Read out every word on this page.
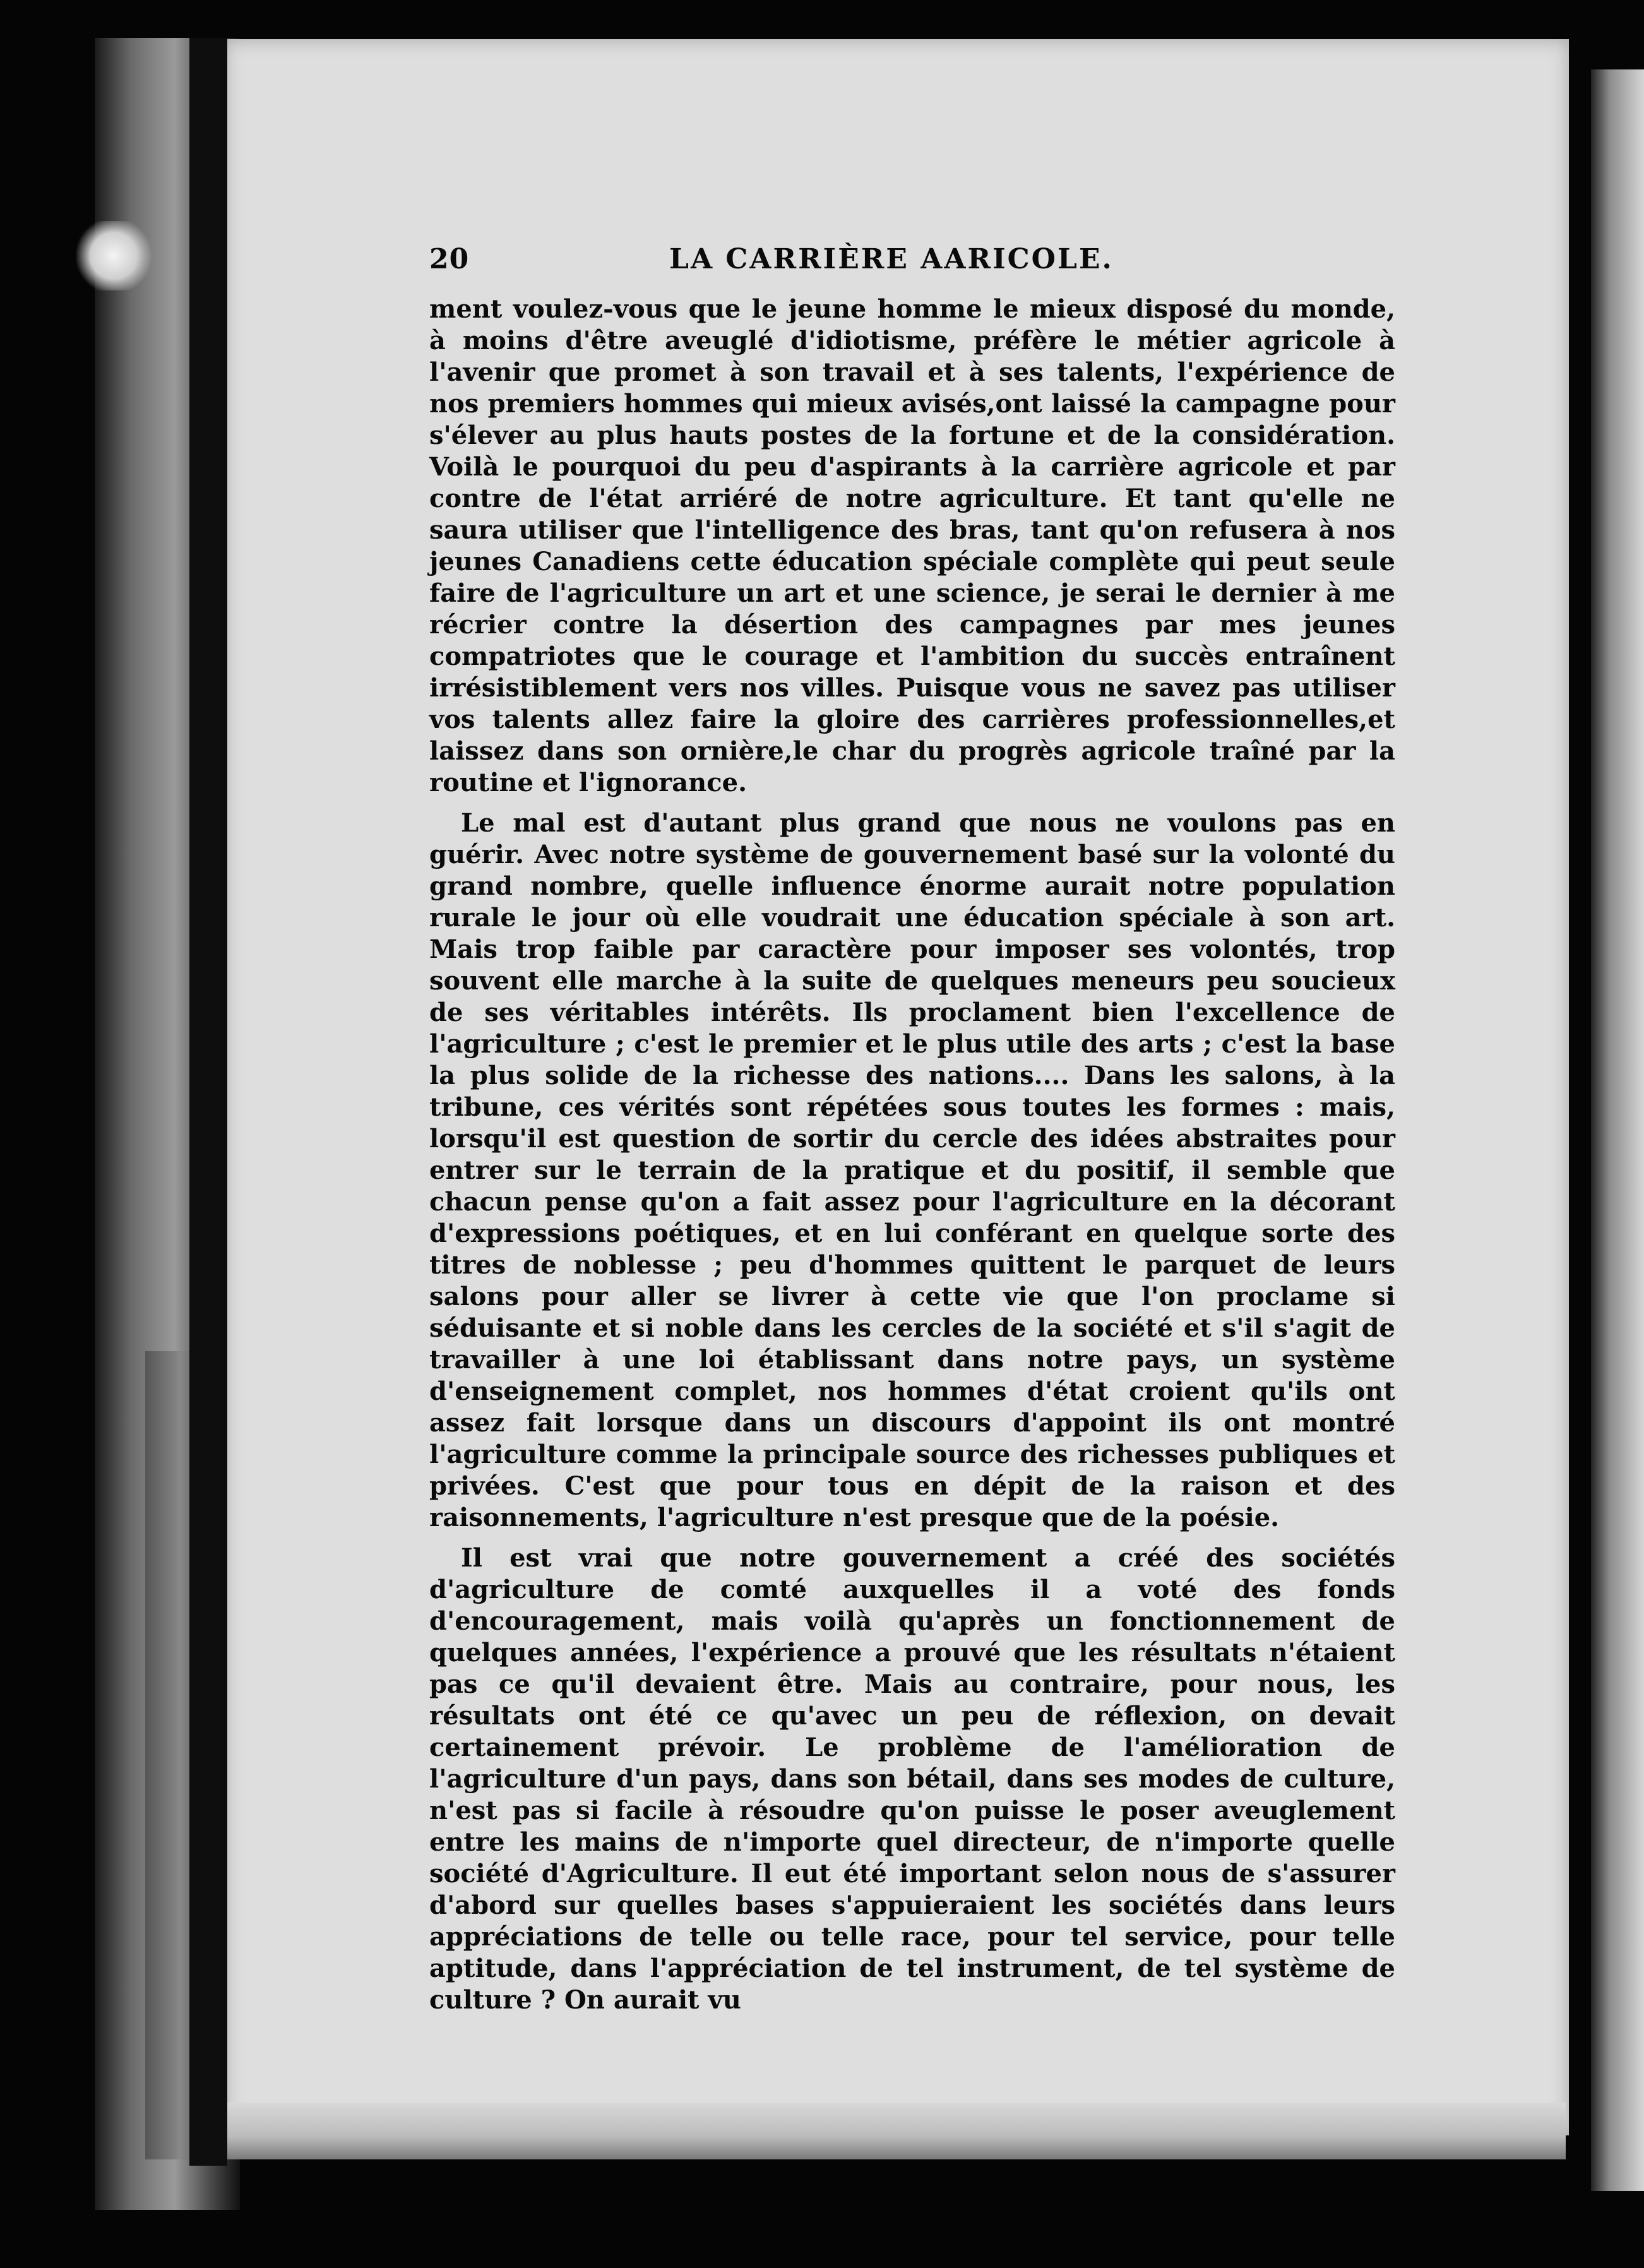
20	LA CARRIÈRE AARICOLE.

ment voulez-vous que le jeune homme le mieux disposé du monde, à moins d'être aveuglé d'idiotisme, préfère le métier agricole à l'avenir que promet à son travail et à ses talents, l'expérience de nos premiers hommes qui mieux avisés,ont laissé la campagne pour s'élever au plus hauts postes de la fortune et de la considération. Voilà le pourquoi du peu d'aspirants à la carrière agricole et par contre de l'état arriéré de notre agriculture. Et tant qu'elle ne saura utiliser que l'intelligence des bras, tant qu'on refusera à nos jeunes Canadiens cette éducation spéciale complète qui peut seule faire de l'agriculture un art et une science, je serai le dernier à me récrier contre la désertion des campagnes par mes jeunes compatriotes que le courage et l'ambition du succès entraînent irrésistiblement vers nos villes. Puisque vous ne savez pas utiliser vos talents allez faire la gloire des carrières professionnelles,et laissez dans son ornière,le char du progrès agricole traîné par la routine et l'ignorance.

Le mal est d'autant plus grand que nous ne voulons pas en guérir. Avec notre système de gouvernement basé sur la volonté du grand nombre, quelle influence énorme aurait notre population rurale le jour où elle voudrait une éducation spéciale à son art. Mais trop faible par caractère pour imposer ses volontés, trop souvent elle marche à la suite de quelques meneurs peu soucieux de ses véritables intérêts. Ils proclament bien l'excellence de l'agriculture ; c'est le premier et le plus utile des arts ; c'est la base la plus solide de la richesse des nations.... Dans les salons, à la tribune, ces vérités sont répétées sous toutes les formes : mais, lorsqu'il est question de sortir du cercle des idées abstraites pour entrer sur le terrain de la pratique et du positif, il semble que chacun pense qu'on a fait assez pour l'agriculture en la décorant d'expressions poétiques, et en lui conférant en quelque sorte des titres de noblesse ; peu d'hommes quittent le parquet de leurs salons pour aller se livrer à cette vie que l'on proclame si séduisante et si noble dans les cercles de la société et s'il s'agit de travailler à une loi établissant dans notre pays, un système d'enseignement complet, nos hommes d'état croient qu'ils ont assez fait lorsque dans un discours d'appoint ils ont montré l'agriculture comme la principale source des richesses publiques et privées. C'est que pour tous en dépit de la raison et des raisonnements, l'agriculture n'est presque que de la poésie.

Il est vrai que notre gouvernement a créé des sociétés d'agriculture de comté auxquelles il a voté des fonds d'encouragement, mais voilà qu'après un fonctionnement de quelques années, l'expérience a prouvé que les résultats n'étaient pas ce qu'il devaient être. Mais au contraire, pour nous, les résultats ont été ce qu'avec un peu de réflexion, on devait certainement prévoir. Le problème de l'amélioration de l'agriculture d'un pays, dans son bétail, dans ses modes de culture, n'est pas si facile à résoudre qu'on puisse le poser aveuglement entre les mains de n'importe quel directeur, de n'importe quelle société d'Agriculture. Il eut été important selon nous de s'assurer d'abord sur quelles bases s'appuieraient les sociétés dans leurs appréciations de telle ou telle race, pour tel service, pour telle aptitude, dans l'appréciation de tel instrument, de tel système de culture ? On aurait vu
